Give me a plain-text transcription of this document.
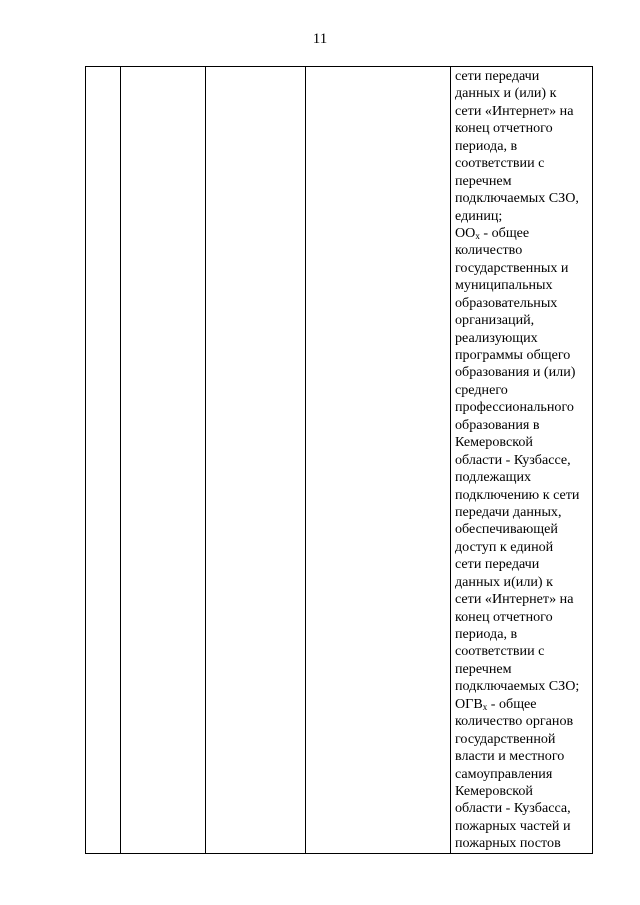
11

сети передачи
данных и (или) к
сети «Интернет» на
конец отчетного
периода, в
соответствии с
перечнем
подключаемых СЗО,
единиц;
$ОО_x$ - общее
количество
государственных и
муниципальных
образовательных
организаций,
реализующих
программы общего
образования и (или)
среднего
профессионального
образования в
Кемеровской
области - Кузбассе,
подлежащих
подключению к сети
передачи данных,
обеспечивающей
доступ к единой
сети передачи
данных и(или) к
сети «Интернет» на
конец отчетного
периода, в
соответствии с
перечнем
подключаемых СЗО;
$ОГВ_x$ - общее
количество органов
государственной
власти и местного
самоуправления
Кемеровской
области - Кузбасса,
пожарных частей и
пожарных постов
